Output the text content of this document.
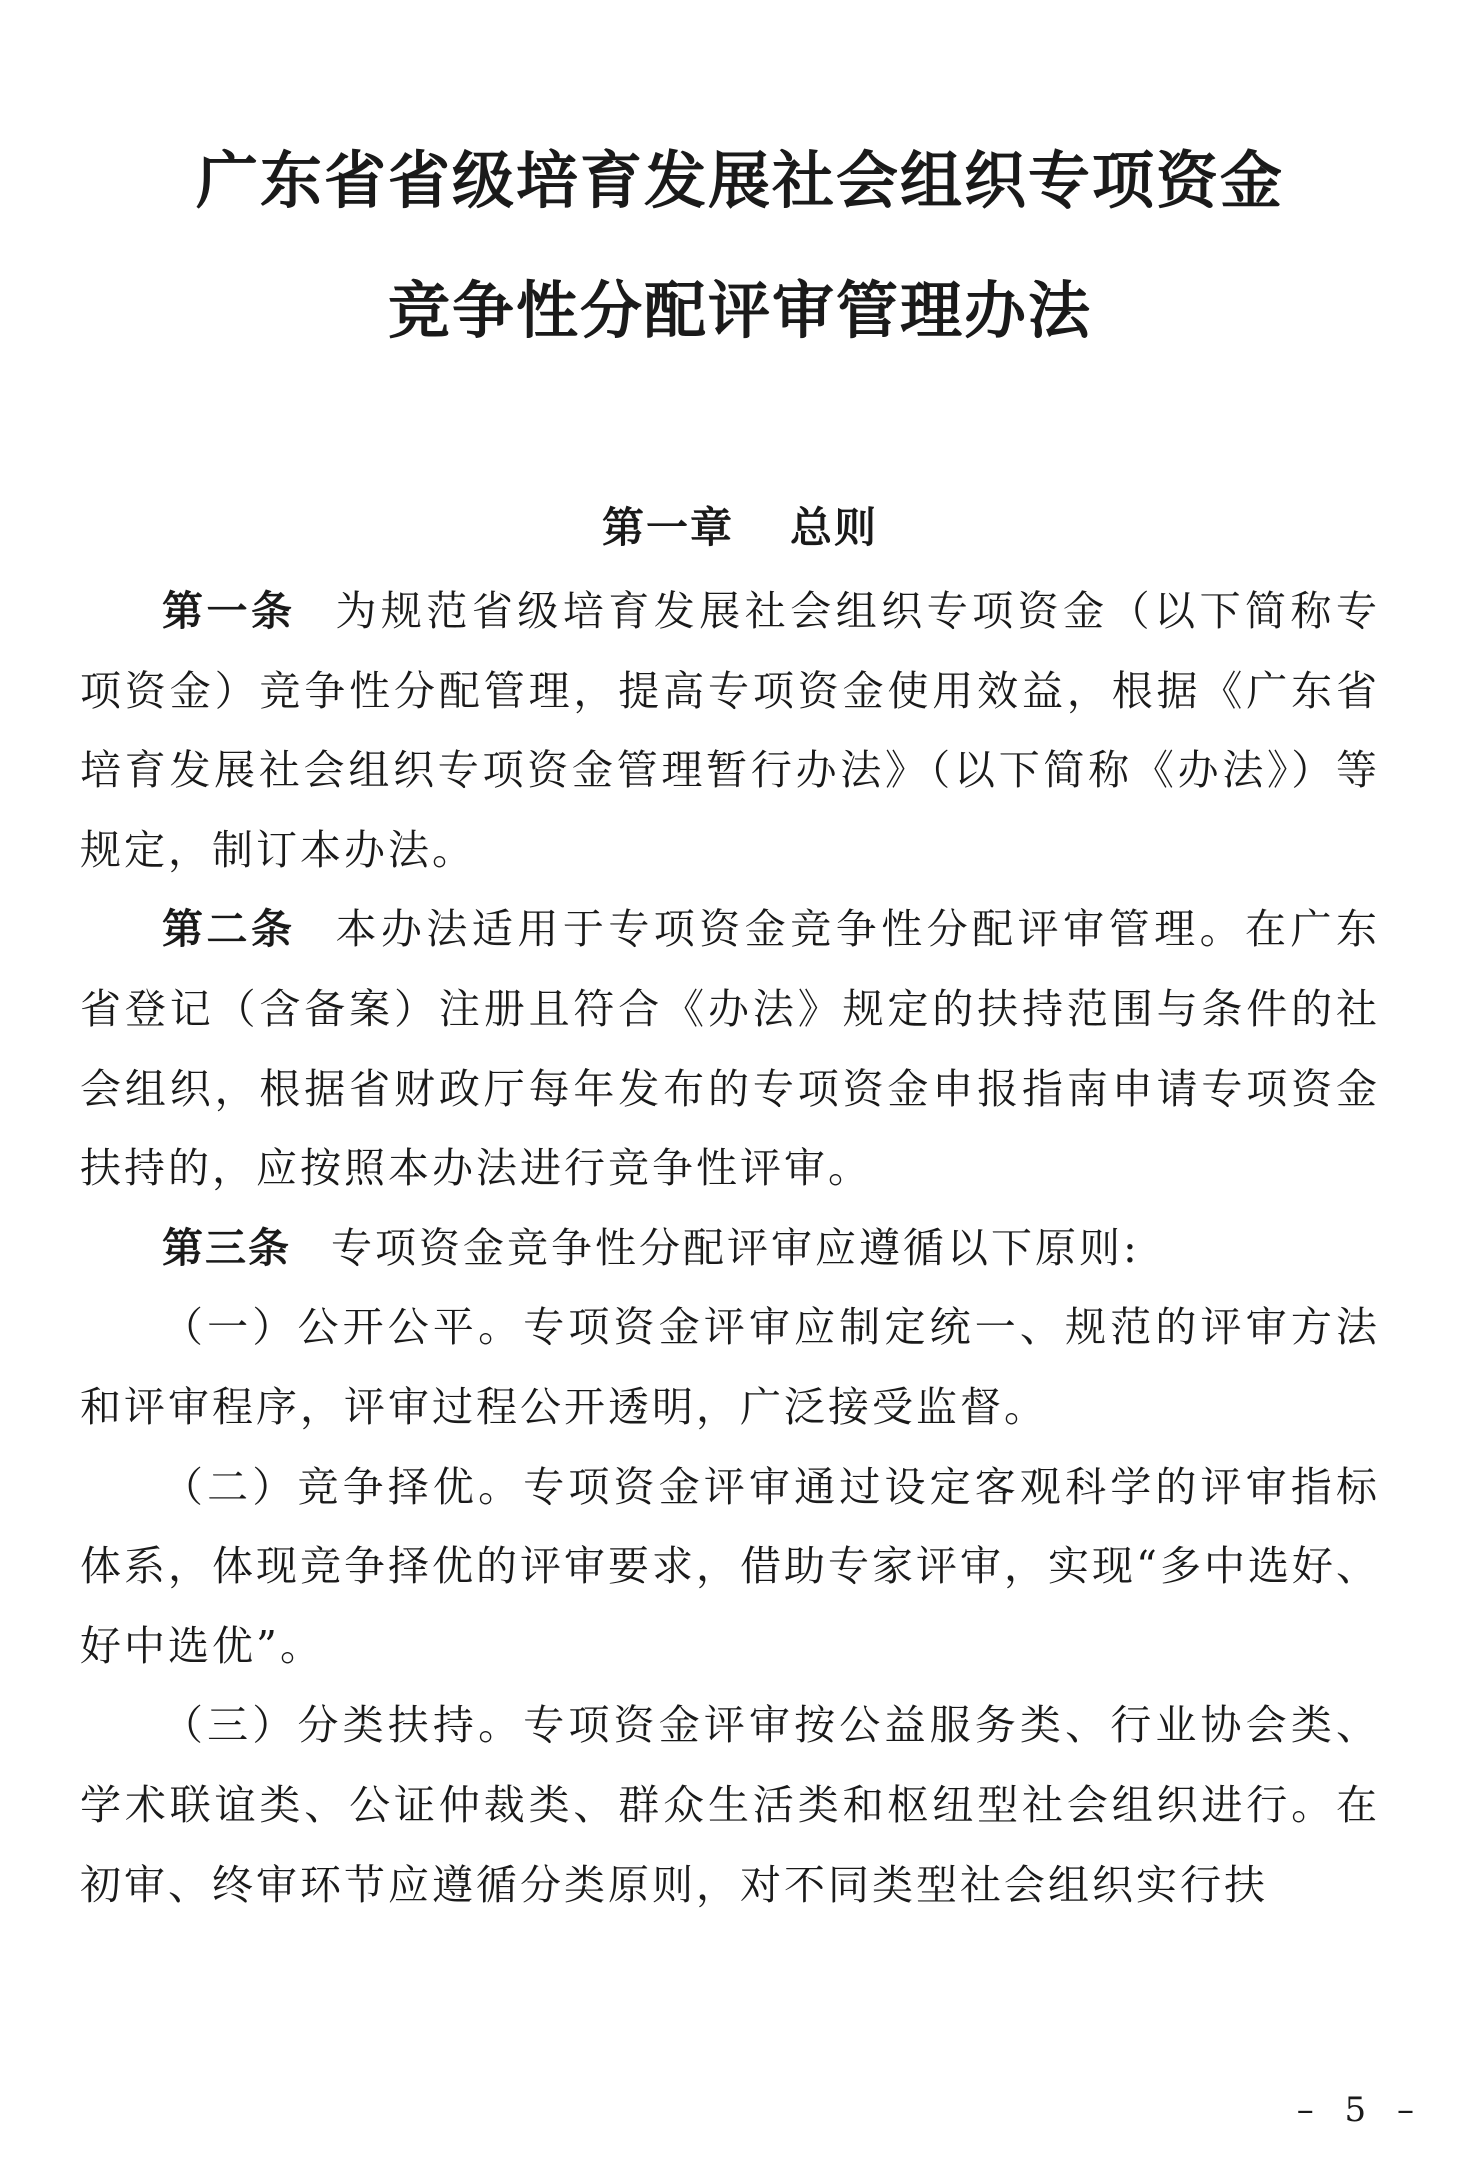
广东省省级培育发展社会组织专项资金
竞争性分配评审管理办法
第一章 总则

第一条 为规范省级培育发展社会组织专项资金（以下简称专项资金）竞争性分配管理，提高专项资金使用效益，根据《广东省培育发展社会组织专项资金管理暂行办法》（以下简称《办法》）等规定，制订本办法。

第二条 本办法适用于专项资金竞争性分配评审管理。在广东省登记（含备案）注册且符合《办法》规定的扶持范围与条件的社会组织，根据省财政厅每年发布的专项资金申报指南申请专项资金扶持的，应按照本办法进行竞争性评审。

第三条 专项资金竞争性分配评审应遵循以下原则:

（一）公开公平。专项资金评审应制定统一、规范的评审方法和评审程序，评审过程公开透明，广泛接受监督。

（二）竞争择优。专项资金评审通过设定客观科学的评审指标体系，体现竞争择优的评审要求，借助专家评审，实现“多中选好、好中选优”。

（三）分类扶持。专项资金评审按公益服务类、行业协会类、学术联谊类、公证仲裁类、群众生活类和枢纽型社会组织进行。在初审、终审环节应遵循分类原则，对不同类型社会组织实行扶

– 5 –
